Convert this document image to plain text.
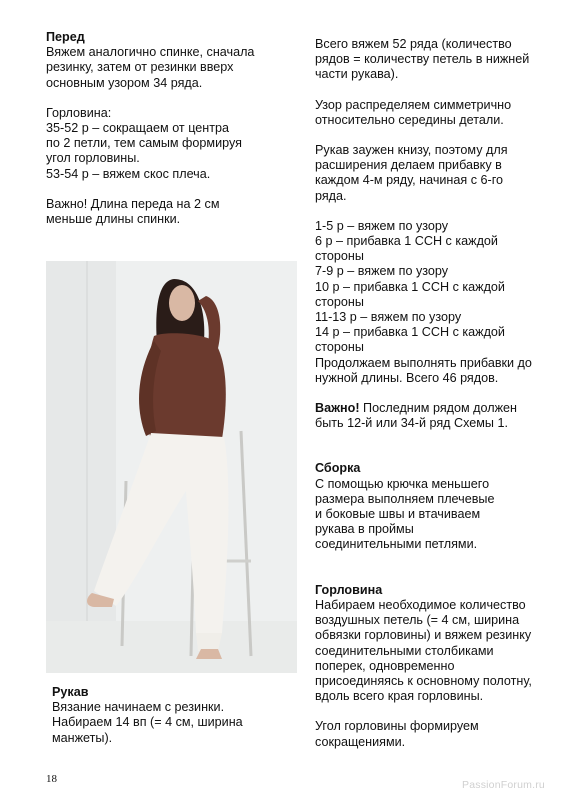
Перед

Вяжем аналогично спинке, сначала
резинку, затем от резинки вверх
основным узором 34 ряда.

Горловина:

35-52 р – сокращаем от центра
по 2 петли, тем самым формируя
угол горловины.
53-54 р – вяжем скос плеча.

Важно! Длина переда на 2 см
меньше длины спинки.

Рукав

Вязание начинаем с резинки.
Набираем 14 вп (= 4 см, ширина
манжеты).

Всего вяжем 52 ряда (количество
рядов = количеству петель в нижней
части рукава).

Узор распределяем симметрично
относительно середины детали.

Рукав заужен книзу, поэтому для
расширения делаем прибавку в
каждом 4-м ряду, начиная с 6-го
ряда.

1-5 р – вяжем по узору
6 р – прибавка 1 ССН с каждой
стороны
7-9 р – вяжем по узору
10 р – прибавка 1 ССН с каждой
стороны
11-13 р – вяжем по узору
14 р – прибавка 1 ССН с каждой
стороны
Продолжаем выполнять прибавки до
нужной длины. Всего 46 рядов.

Важно! Последним рядом должен
быть 12-й или 34-й ряд Схемы 1.

Сборка

С помощью крючка меньшего
размера выполняем плечевые
и боковые швы и втачиваем
рукава в проймы
соединительными петлями.

Горловина

Набираем необходимое количество
воздушных петель (= 4 см, ширина
обвязки горловины) и вяжем резинку
соединительными столбиками
поперек, одновременно
присоединяясь к основному полотну,
вдоль всего края горловины.

Угол горловины формируем
сокращениями.

18	PassionForum.ru
